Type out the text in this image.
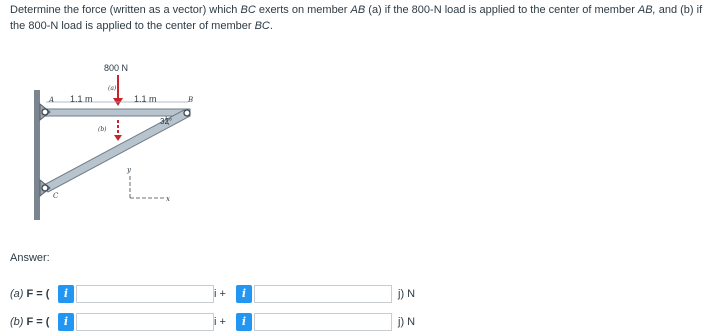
Determine the force (written as a vector) which BC exerts on member AB (a) if the 800-N load is applied to the center of member AB, and (b) if the 800-N load is applied to the center of member BC.
800 N
(a)
(b)
1.1 m	1.1 m
32°
A	B
C
y
x
Answer:
(a) F = (	i	i +	i	j) N
(b) F = (	i	i +	i	j) N
